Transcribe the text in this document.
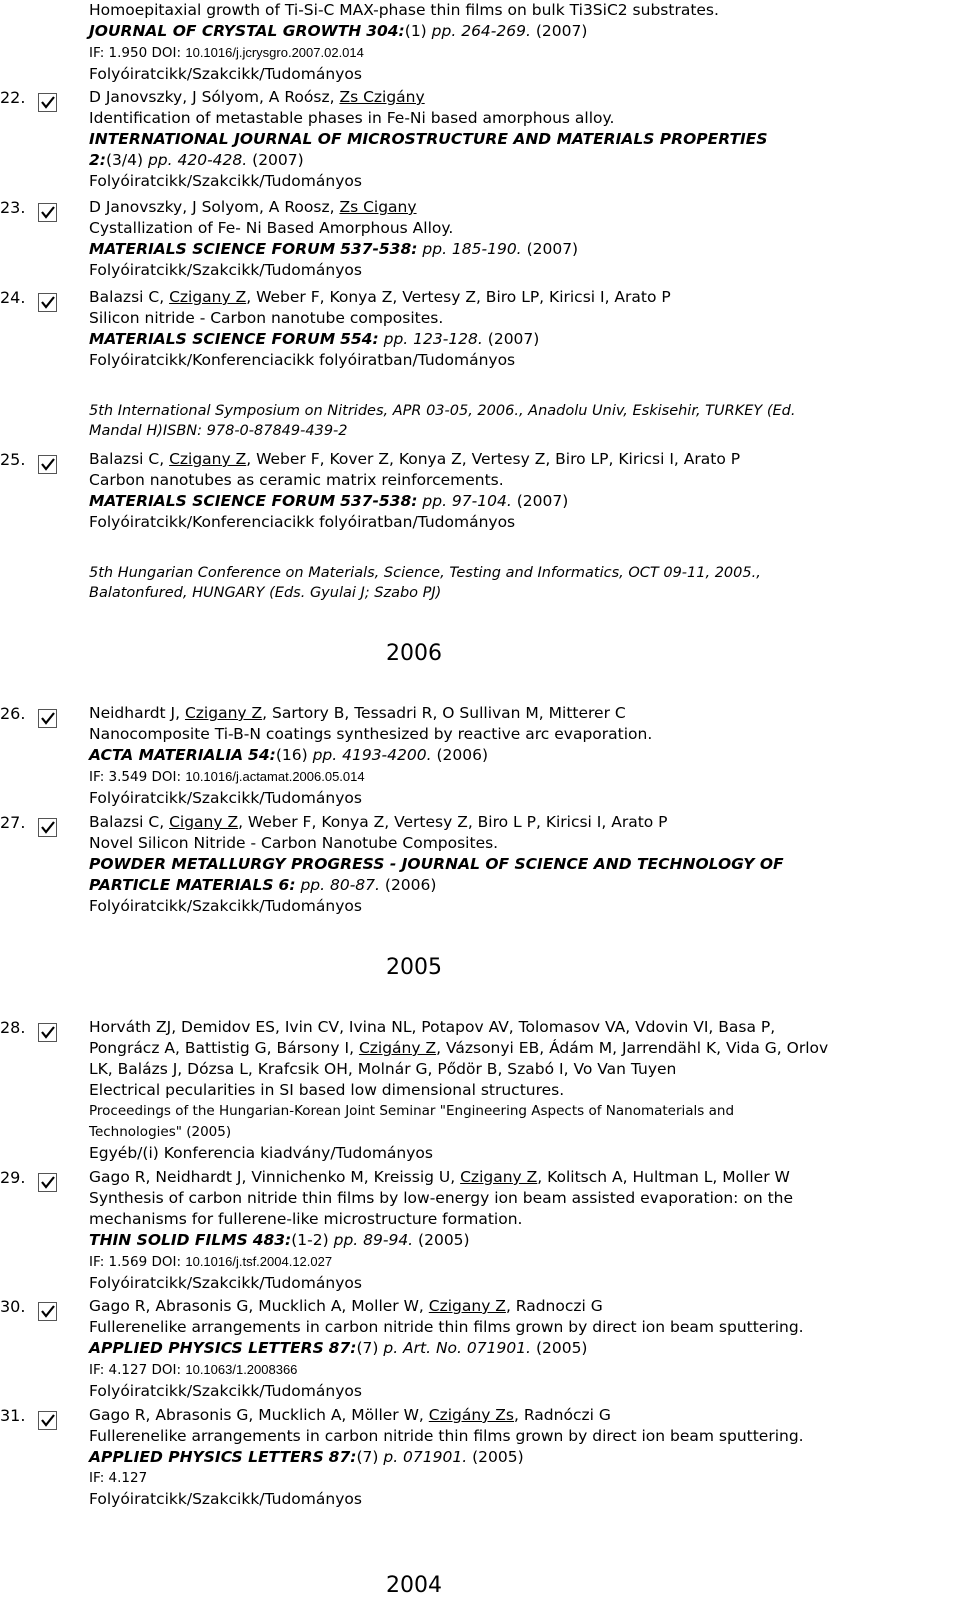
Homoepitaxial growth of Ti-Si-C MAX-phase thin films on bulk Ti3SiC2 substrates.
JOURNAL OF CRYSTAL GROWTH 304:(1) pp. 264-269. (2007)
IF: 1.950 DOI: 10.1016/j.jcrysgro.2007.02.014
Folyóiratcikk/Szakcikk/Tudományos
22.	D Janovszky, J Sólyom, A Roósz, Zs Czigány
Identification of metastable phases in Fe-Ni based amorphous alloy.
INTERNATIONAL JOURNAL OF MICROSTRUCTURE AND MATERIALS PROPERTIES
2:(3/4) pp. 420-428. (2007)
Folyóiratcikk/Szakcikk/Tudományos
23.	D Janovszky, J Solyom, A Roosz, Zs Cigany
Cystallization of Fe- Ni Based Amorphous Alloy.
MATERIALS SCIENCE FORUM 537-538: pp. 185-190. (2007)
Folyóiratcikk/Szakcikk/Tudományos
24.	Balazsi C, Czigany Z, Weber F, Konya Z, Vertesy Z, Biro LP, Kiricsi I, Arato P
Silicon nitride - Carbon nanotube composites.
MATERIALS SCIENCE FORUM 554: pp. 123-128. (2007)
Folyóiratcikk/Konferenciacikk folyóiratban/Tudományos
5th International Symposium on Nitrides, APR 03-05, 2006., Anadolu Univ, Eskisehir, TURKEY (Ed.
Mandal H)ISBN: 978-0-87849-439-2
25.	Balazsi C, Czigany Z, Weber F, Kover Z, Konya Z, Vertesy Z, Biro LP, Kiricsi I, Arato P
Carbon nanotubes as ceramic matrix reinforcements.
MATERIALS SCIENCE FORUM 537-538: pp. 97-104. (2007)
Folyóiratcikk/Konferenciacikk folyóiratban/Tudományos
5th Hungarian Conference on Materials, Science, Testing and Informatics, OCT 09-11, 2005.,
Balatonfured, HUNGARY (Eds. Gyulai J; Szabo PJ)
2006
26.	Neidhardt J, Czigany Z, Sartory B, Tessadri R, O Sullivan M, Mitterer C
Nanocomposite Ti-B-N coatings synthesized by reactive arc evaporation.
ACTA MATERIALIA 54:(16) pp. 4193-4200. (2006)
IF: 3.549 DOI: 10.1016/j.actamat.2006.05.014
Folyóiratcikk/Szakcikk/Tudományos
27.	Balazsi C, Cigany Z, Weber F, Konya Z, Vertesy Z, Biro L P, Kiricsi I, Arato P
Novel Silicon Nitride - Carbon Nanotube Composites.
POWDER METALLURGY PROGRESS - JOURNAL OF SCIENCE AND TECHNOLOGY OF
PARTICLE MATERIALS 6: pp. 80-87. (2006)
Folyóiratcikk/Szakcikk/Tudományos
2005
28.	Horváth ZJ, Demidov ES, Ivin CV, Ivina NL, Potapov AV, Tolomasov VA, Vdovin VI, Basa P,
Pongrácz A, Battistig G, Bársony I, Czigány Z, Vázsonyi EB, Ádám M, Jarrendähl K, Vida G, Orlov
LK, Balázs J, Dózsa L, Krafcsik OH, Molnár G, Pődör B, Szabó I, Vo Van Tuyen
Electrical pecularities in SI based low dimensional structures.
Proceedings of the Hungarian-Korean Joint Seminar "Engineering Aspects of Nanomaterials and
Technologies" (2005)
Egyéb/(i) Konferencia kiadvány/Tudományos
29.	Gago R, Neidhardt J, Vinnichenko M, Kreissig U, Czigany Z, Kolitsch A, Hultman L, Moller W
Synthesis of carbon nitride thin films by low-energy ion beam assisted evaporation: on the
mechanisms for fullerene-like microstructure formation.
THIN SOLID FILMS 483:(1-2) pp. 89-94. (2005)
IF: 1.569 DOI: 10.1016/j.tsf.2004.12.027
Folyóiratcikk/Szakcikk/Tudományos
30.	Gago R, Abrasonis G, Mucklich A, Moller W, Czigany Z, Radnoczi G
Fullerenelike arrangements in carbon nitride thin films grown by direct ion beam sputtering.
APPLIED PHYSICS LETTERS 87:(7) p. Art. No. 071901. (2005)
IF: 4.127 DOI: 10.1063/1.2008366
Folyóiratcikk/Szakcikk/Tudományos
31.	Gago R, Abrasonis G, Mucklich A, Möller W, Czigány Zs, Radnóczi G
Fullerenelike arrangements in carbon nitride thin films grown by direct ion beam sputtering.
APPLIED PHYSICS LETTERS 87:(7) p. 071901. (2005)
IF: 4.127
Folyóiratcikk/Szakcikk/Tudományos
2004
